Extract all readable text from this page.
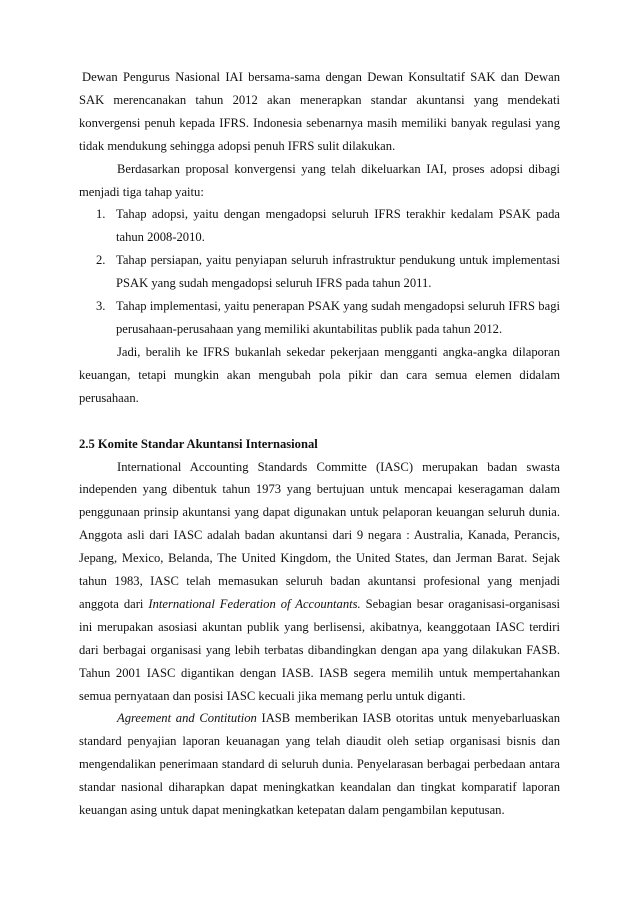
Dewan Pengurus Nasional IAI bersama-sama dengan Dewan Konsultatif SAK dan Dewan SAK merencanakan tahun 2012 akan menerapkan standar akuntansi yang mendekati konvergensi penuh kepada IFRS. Indonesia sebenarnya masih memiliki banyak regulasi yang tidak mendukung sehingga adopsi penuh IFRS sulit dilakukan.

Berdasarkan proposal konvergensi yang telah dikeluarkan IAI, proses adopsi dibagi menjadi tiga tahap yaitu:

1. Tahap adopsi, yaitu dengan mengadopsi seluruh IFRS terakhir kedalam PSAK pada tahun 2008-2010.
2. Tahap persiapan, yaitu penyiapan seluruh infrastruktur pendukung untuk implementasi PSAK yang sudah mengadopsi seluruh IFRS pada tahun 2011.
3. Tahap implementasi, yaitu penerapan PSAK yang sudah mengadopsi seluruh IFRS bagi perusahaan-perusahaan yang memiliki akuntabilitas publik pada tahun 2012.

Jadi, beralih ke IFRS bukanlah sekedar pekerjaan mengganti angka-angka dilaporan keuangan, tetapi mungkin akan mengubah pola pikir dan cara semua elemen didalam perusahaan.

2.5 Komite Standar Akuntansi Internasional

International Accounting Standards Committe (IASC) merupakan badan swasta independen yang dibentuk tahun 1973 yang bertujuan untuk mencapai keseragaman dalam penggunaan prinsip akuntansi yang dapat digunakan untuk pelaporan keuangan seluruh dunia. Anggota asli dari IASC adalah badan akuntansi dari 9 negara : Australia, Kanada, Perancis, Jepang, Mexico, Belanda, The United Kingdom, the United States, dan Jerman Barat. Sejak tahun 1983, IASC telah memasukan seluruh badan akuntansi profesional yang menjadi anggota dari International Federation of Accountants. Sebagian besar oraganisasi-organisasi ini merupakan asosiasi akuntan publik yang berlisensi, akibatnya, keanggotaan IASC terdiri dari berbagai organisasi yang lebih terbatas dibandingkan dengan apa yang dilakukan FASB. Tahun 2001 IASC digantikan dengan IASB. IASB segera memilih untuk mempertahankan semua pernyataan dan posisi IASC kecuali jika memang perlu untuk diganti.

Agreement and Contitution IASB memberikan IASB otoritas untuk menyebarluaskan standard penyajian laporan keuanagan yang telah diaudit oleh setiap organisasi bisnis dan mengendalikan penerimaan standard di seluruh dunia. Penyelarasan berbagai perbedaan antara standar nasional diharapkan dapat meningkatkan keandalan dan tingkat komparatif laporan keuangan asing untuk dapat meningkatkan ketepatan dalam pengambilan keputusan.
